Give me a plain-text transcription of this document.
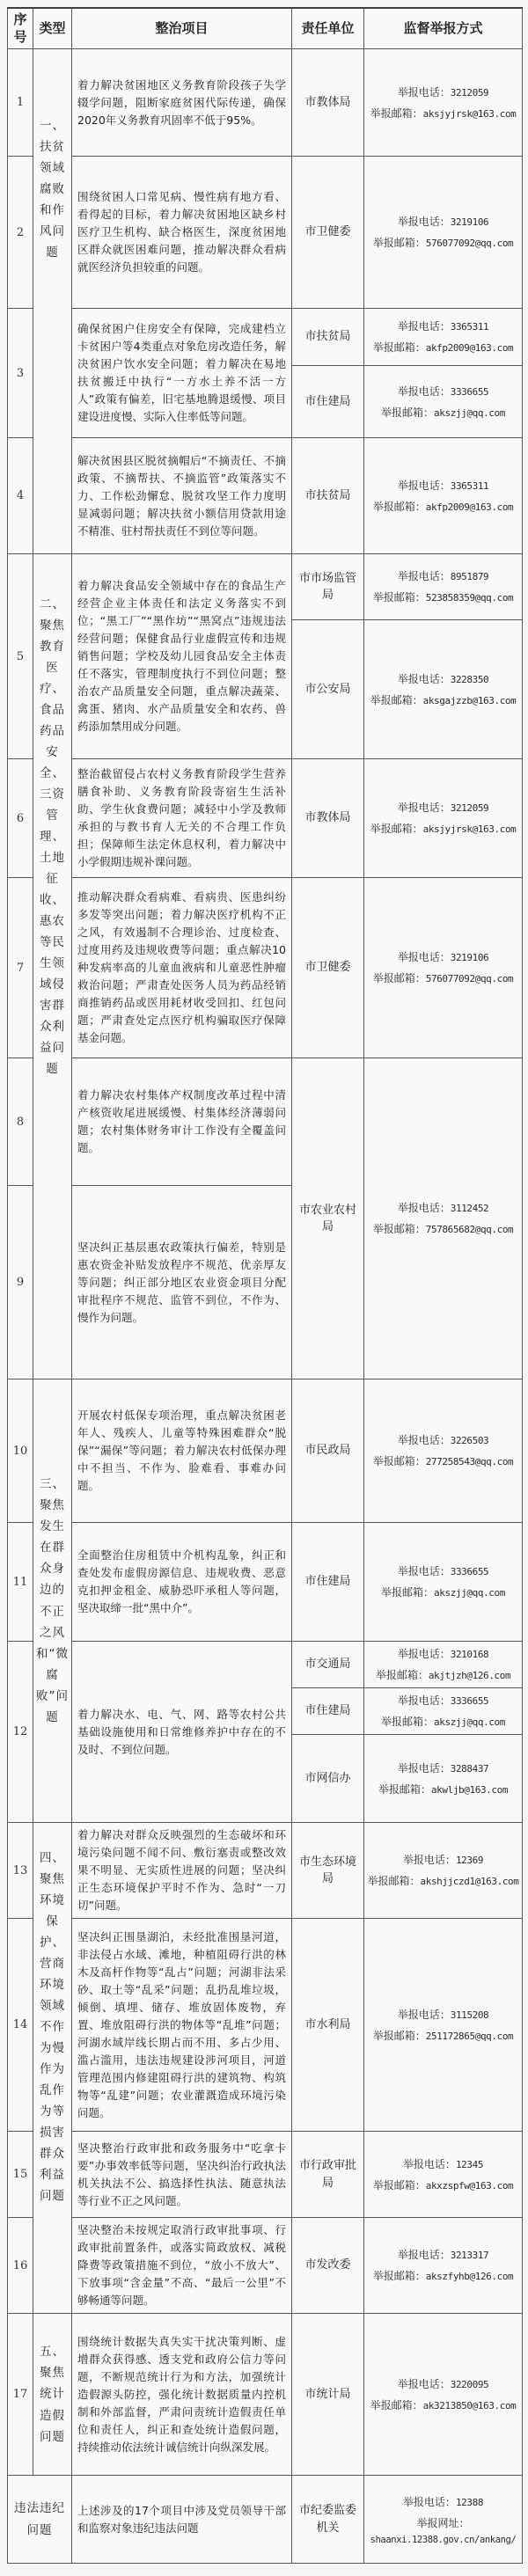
序号	类型	整治项目	责任单位	监督举报方式
1	一、扶贫领域腐败和作风问题	着力解决贫困地区义务教育阶段孩子失学辍学问题，阻断家庭贫困代际传递，确保2020年义务教育巩固率不低于95%。	市教体局	举报电话：3212059
举报邮箱：aksjyjrsk@163.com

2		围绕贫困人口常见病、慢性病有地方看、看得起的目标，着力解决贫困地区缺乡村医疗卫生机构、缺合格医生，深度贫困地区群众就医困难问题，推动解决群众看病就医经济负担较重的问题。	市卫健委	举报电话：3219106
举报邮箱：576077092@qq.com

3		确保贫困户住房安全有保障，完成建档立卡贫困户等4类重点对象危房改造任务，解决贫困户饮水安全问题；着力解决在易地扶贫搬迁中执行“一方水土养不活一方人”政策有偏差，旧宅基地腾退缓慢、项目建设进度慢、实际入住率低等问题。	市扶贫局	举报电话：3365311
举报邮箱：akfp2009@163.com

			市住建局	举报电话：3336655
举报邮箱：akszjj@qq.com

4		解决贫困县区脱贫摘帽后“不摘责任、不摘政策、不摘帮扶、不摘监管”政策落实不力、工作松劲懈怠、脱贫攻坚工作力度明显减弱问题；解决扶贫小额信用贷款用途不精准、驻村帮扶责任不到位等问题。	市扶贫局	举报电话：3365311
举报邮箱：akfp2009@163.com

5	二、聚焦教育医疗、食品药品安全、三资管理、土地征收、惠农等民生领域侵害群众利益问题	着力解决食品安全领域中存在的食品生产经营企业主体责任和法定义务落实不到位；“黑工厂”“黑作坊”“黑窝点”违规违法经营问题；保健食品行业虚假宣传和违规销售问题；学校及幼儿园食品安全主体责任不落实，管理制度执行不到位问题；整治农产品质量安全问题，重点解决蔬菜、禽蛋、猪肉、水产品质量安全和农药、兽药添加禁用成分问题。	市市场监管局	举报电话：8951879
举报邮箱：523858359@qq.com

			市公安局	举报电话：3228350
举报邮箱：aksgajzzb@163.com

6		整治截留侵占农村义务教育阶段学生营养膳食补助、义务教育阶段寄宿生生活补助、学生伙食费问题；减轻中小学及教师承担的与教书育人无关的不合理工作负担；保障师生法定休息权利，着力解决中小学假期违规补课问题。	市教体局	举报电话：3212059
举报邮箱：aksjyjrsk@163.com

7		推动解决群众看病难、看病贵、医患纠纷多发等突出问题；着力解决医疗机构不正之风，有效遏制不合理诊治、过度检查、过度用药及违规收费等问题；重点解决10种发病率高的儿童血液病和儿童恶性肿瘤救治问题；严肃查处医务人员为药品经销商推销药品或医用耗材收受回扣、红包问题；严肃查处定点医疗机构骗取医疗保障基金问题。	市卫健委	举报电话：3219106
举报邮箱：576077092@qq.com

8		着力解决农村集体产权制度改革过程中清产核资收尾进展缓慢、村集体经济薄弱问题；农村集体财务审计工作没有全覆盖问题。	市农业农村局	举报电话：3112452
举报邮箱：757865682@qq.com

9		坚决纠正基层惠农政策执行偏差，特别是惠农资金补贴发放程序不规范、优亲厚友等问题；纠正部分地区农业资金项目分配审批程序不规范、监管不到位，不作为、慢作为问题。		
10	三、聚焦发生在群众身边的不正之风和“微腐败”问题	开展农村低保专项治理，重点解决贫困老年人、残疾人、儿童等特殊困难群众“脱保”“漏保”等问题；着力解决农村低保办理中不担当、不作为、脸难看、事难办问题。	市民政局	举报电话：3226503
举报邮箱：277258543@qq.com

11		全面整治住房租赁中介机构乱象，纠正和查处发布虚假房源信息、违规收费、恶意克扣押金租金、威胁恐吓承租人等问题，坚决取缔一批“黑中介”。	市住建局	举报电话：3336655
举报邮箱：akszjj@qq.com

12		着力解决水、电、气、网、路等农村公共基础设施使用和日常维修养护中存在的不及时、不到位问题。	市交通局	举报电话：3210168
举报邮箱：akjtjzh@126.com

			市住建局	举报电话：3336655
举报邮箱：akszjj@qq.com

			市网信办	举报电话：3288437
举报邮箱：akwljb@163.com

13	四、聚焦环境保护、营商环境领域不作为慢作为乱作为等损害群众利益问题	着力解决对群众反映强烈的生态破坏和环境污染问题不闻不问、敷衍塞责或整改效果不明显、无实质性进展的问题；坚决纠正生态环境保护平时不作为、急时“一刀切”问题。	市生态环境局	举报电话：12369
举报邮箱：akshjjczd1@163.com

14		坚决纠正围垦湖泊，未经批准围垦河道，非法侵占水域、滩地，种植阻碍行洪的林木及高杆作物等“乱占”问题；河湖非法采砂、取土等“乱采”问题；乱扔乱堆垃圾，倾倒、填埋、储存、堆放固体废物，弃置、堆放阻碍行洪的物体等“乱堆”问题；河湖水域岸线长期占而不用、多占少用、滥占滥用，违法违规建设涉河项目，河道管理范围内修建阻碍行洪的建筑物、构筑物等“乱建”问题；农业灌溉造成环境污染问题。	市水利局	举报电话：3115208
举报邮箱：251172865@qq.com

15		坚决整治行政审批和政务服务中“吃拿卡要”办事效率低等问题，坚决纠治行政执法机关执法不公、搞选择性执法、随意执法等行业不正之风问题。	市行政审批局	举报电话：12345
举报邮箱：akxzspfw@163.com

16		坚决整治未按规定取消行政审批事项、行政审批前置条件，或落实简政放权、减税降费等政策措施不到位，“放小不放大”、下放事项“含金量”不高、“最后一公里”不够畅通等问题。	市发改委	举报电话：3213317
举报邮箱：akszfyhb@126.com

17	五、聚焦统计造假问题	围绕统计数据失真失实干扰决策判断、虚增群众获得感、透支党和政府公信力等问题，不断规范统计行为和方法，加强统计造假源头防控，强化统计数据质量内控机制和外部监督，严肃问责统计造假责任单位和责任人，纠正和查处统计造假问题，持续推动依法统计诚信统计向纵深发展。	市统计局	举报电话：3220095
举报邮箱：ak3213850@163.com

违法违纪问题		上述涉及的17个项目中涉及党员领导干部和监察对象违纪违法问题	市纪委监委机关	举报电话：12388
举报网址：
shaanxi.12388.gov.cn/ankang/
